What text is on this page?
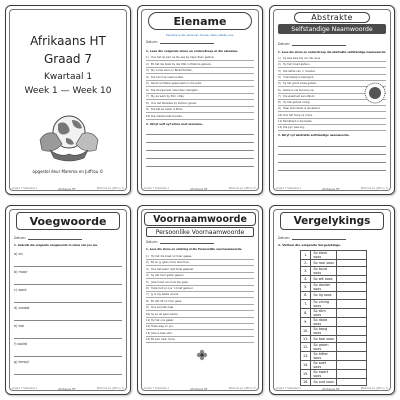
Afrikaans HT
Graad 7
Kwartaal 1
Week 1 — Week 10
opgestel deur Mamma en Juffrou ©
Graad 7 Kwartaal 1	Afrikaans HT	Mamma en Juffrou ©
Eiename
Eiename is die name van mense, diere, plekke, ens.
Datum:
1. Lees die volgende sinne en onderstreep al die eiename.
1) Ons het op pad na die see by Cape Town gestop.
2) Ek het die boek by die CNA in Pretoria gekoop.
3) My ouma woon in Bloemfontein.
4) Die hond se naam is Rex.
5) Sarah en Pieter speel saam in die park.
6) Die Oranjerivier vloei deur Upington.
7) My pa werk by Pick n Pay.
8) Ons het Kersfees by Durban gevier.
9) Die kat se naam is Mimi.
10) Die meisie heet Annelie.
2. Skryf self vyf sinne met eiename.
Graad 7 Kwartaal 1	Afrikaans HT	Mamma en Juffrou ©
Abstrakte
Selfstandige Naamwoorde
Datum:
1. Lees die sinne en onderstreep die abstrakte selfstandige naamwoorde.
1) Sy was baie bly oor die nuus.
2) Hy het moed getoon.
3) Die liefde van 'n moeder.
4) Vriendskap is belangrik.
5) Sy het groot vrees gehad.
6) Geluk is nie te koop nie.
7) Die waarheid sal uitkom.
8) Hy het geduld nodig.
9) Haar skoonheid is opvallend.
10) Ons het hoop vir more.
11) Eerlikheid is die beste.
12) Die pyn was erg.
2. Skryf vyf abstrakte selfstandige naamwoorde.
Graad 7 Kwartaal 1	Afrikaans HT	Mamma en Juffrou ©
Voegwoorde
Datum:
1. Gebruik die volgende voegwoorde in sinne van jou eie.
a) en
b) maar
c) want
d) omdat
e) toe
f) sodat
g) terwyl
Graad 7 Kwartaal 1	Afrikaans HT	Mamma en Juffrou ©
Voornaamwoorde
Persoonlike Voornaamwoorde
Datum:
1. Lees die sinne en omkring al die Persoonlike voornaamwoorde.
1) Hy het die boek vir haar gegee.
2) Ek en jy gaan more skool toe.
3) Ons het saam met hulle gespeel.
4) Sy het hom gister gesien.
5) Julle moet nou huis toe gaan.
6) Hulle het vir ons 'n brief gestuur.
7) Jy is my beste vriend.
8) Ek het dit vir hom gese.
9) Ons sal julle help.
10) Sy en ek gaan saam.
11) Hy het ons gebel.
12) Hulle wag vir jou.
13) Julle is baie slim.
14) Ek sien haar more.
Graad 7 Kwartaal 1	Afrikaans HT	Mamma en Juffrou ©
Vergelykings
Datum:
1. Voltooi die volgende Vergelykings.
1.	So sterk soos	
2.	So rooi soos	
3.	So koud soos	
4.	So wit soos	
5.	So donker soos	
6.	So lig soos	
7.	So vinnig soos	
8.	So slim soos	
9.	So dood soos	
10.	So bang soos	
11.	So taai soos	
12.	So groen soos	
13.	So bitter soos	
14.	So soet soos	
15.	So swart soos	
16.	So oud soos	
Graad 7 Kwartaal 1	Afrikaans HT	Mamma en Juffrou ©
